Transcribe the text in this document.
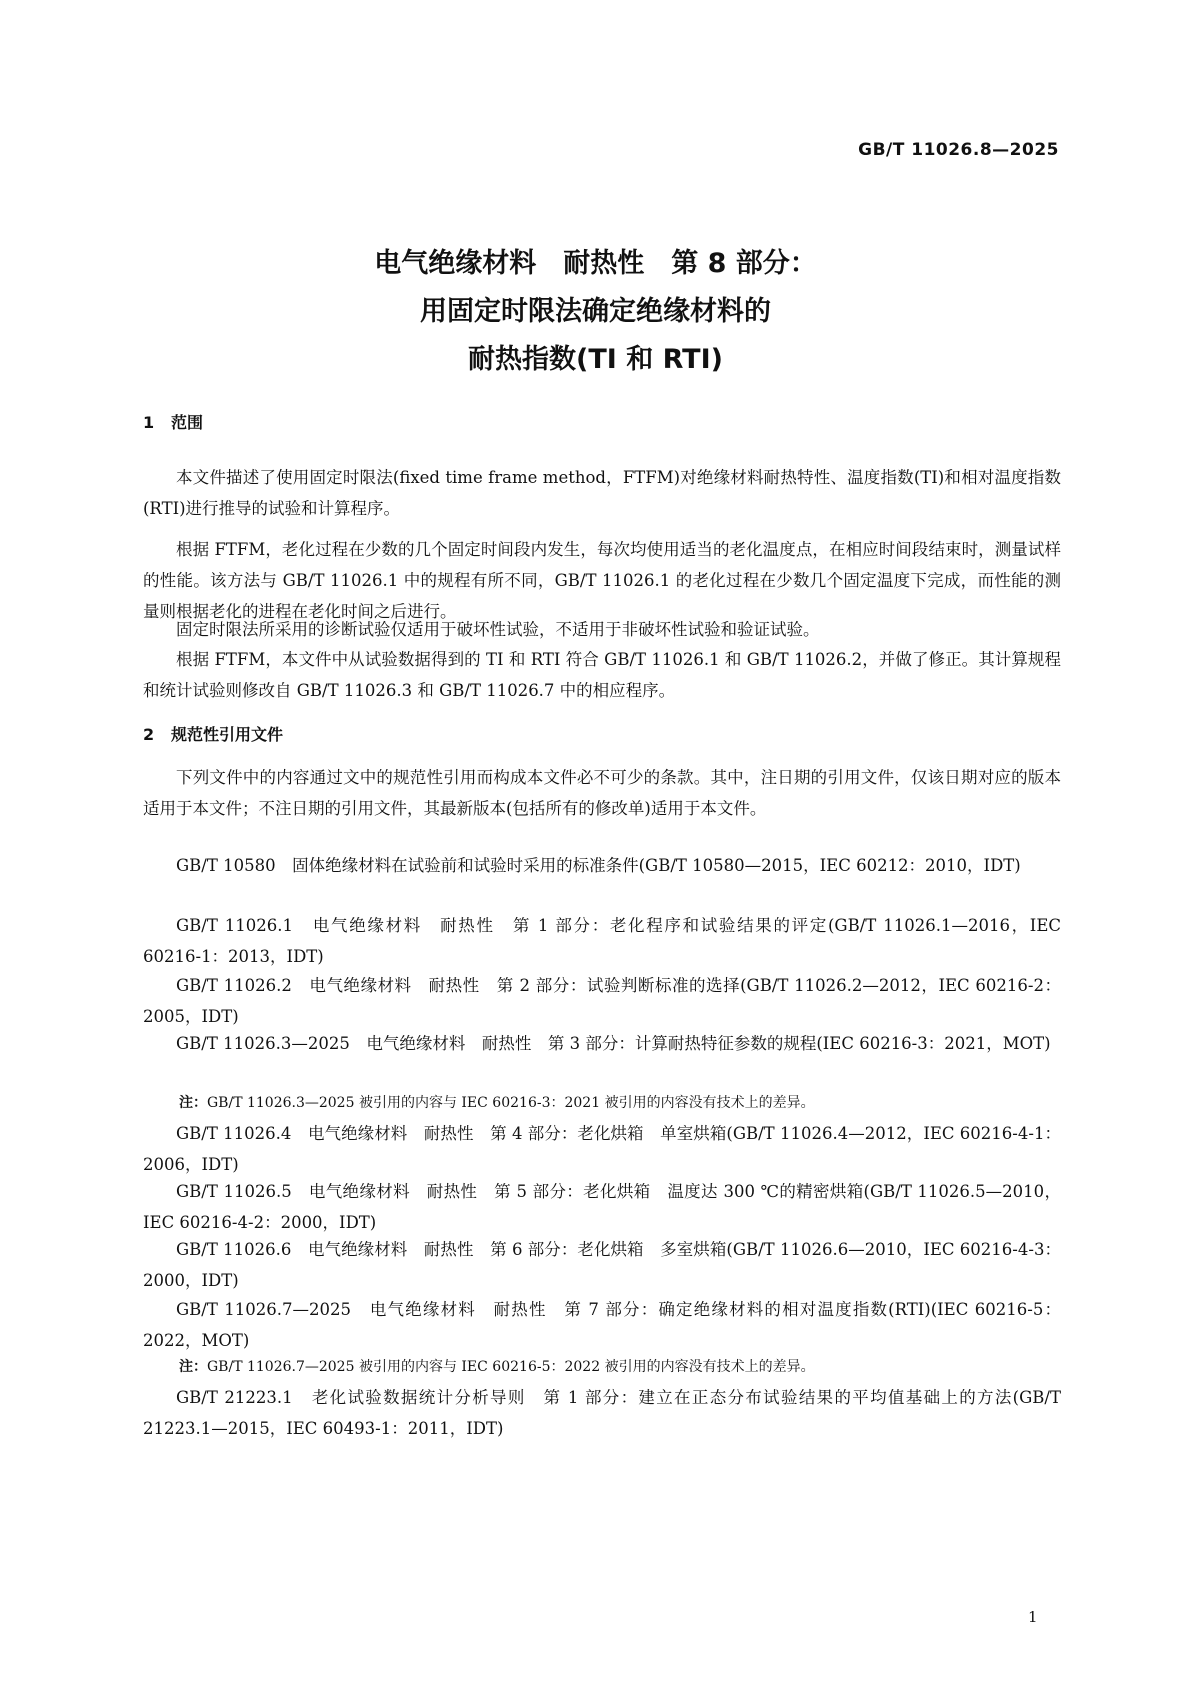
GB/T 11026.8—2025
电气绝缘材料　耐热性　第 8 部分：
用固定时限法确定绝缘材料的
耐热指数(TI 和 RTI)
1 范围
本文件描述了使用固定时限法(fixed time frame method，FTFM)对绝缘材料耐热特性、温度指数(TI)和相对温度指数(RTI)进行推导的试验和计算程序。
根据 FTFM，老化过程在少数的几个固定时间段内发生，每次均使用适当的老化温度点，在相应时间段结束时，测量试样的性能。该方法与 GB/T 11026.1 中的规程有所不同，GB/T 11026.1 的老化过程在少数几个固定温度下完成，而性能的测量则根据老化的进程在老化时间之后进行。
固定时限法所采用的诊断试验仅适用于破坏性试验，不适用于非破坏性试验和验证试验。
根据 FTFM，本文件中从试验数据得到的 TI 和 RTI 符合 GB/T 11026.1 和 GB/T 11026.2，并做了修正。其计算规程和统计试验则修改自 GB/T 11026.3 和 GB/T 11026.7 中的相应程序。
2 规范性引用文件
下列文件中的内容通过文中的规范性引用而构成本文件必不可少的条款。其中，注日期的引用文件，仅该日期对应的版本适用于本文件；不注日期的引用文件，其最新版本(包括所有的修改单)适用于本文件。
GB/T 10580　固体绝缘材料在试验前和试验时采用的标准条件(GB/T 10580—2015，IEC 60212：2010，IDT)
GB/T 11026.1　电气绝缘材料　耐热性　第 1 部分：老化程序和试验结果的评定(GB/T 11026.1—2016，IEC 60216-1：2013，IDT)
GB/T 11026.2　电气绝缘材料　耐热性　第 2 部分：试验判断标准的选择(GB/T 11026.2—2012，IEC 60216-2：2005，IDT)
GB/T 11026.3—2025　电气绝缘材料　耐热性　第 3 部分：计算耐热特征参数的规程(IEC 60216-3：2021，MOT)
注：GB/T 11026.3—2025 被引用的内容与 IEC 60216-3：2021 被引用的内容没有技术上的差异。
GB/T 11026.4　电气绝缘材料　耐热性　第 4 部分：老化烘箱　单室烘箱(GB/T 11026.4—2012，IEC 60216-4-1：2006，IDT)
GB/T 11026.5　电气绝缘材料　耐热性　第 5 部分：老化烘箱　温度达 300 ℃的精密烘箱(GB/T 11026.5—2010，IEC 60216-4-2：2000，IDT)
GB/T 11026.6　电气绝缘材料　耐热性　第 6 部分：老化烘箱　多室烘箱(GB/T 11026.6—2010，IEC 60216-4-3：2000，IDT)
GB/T 11026.7—2025　电气绝缘材料　耐热性　第 7 部分：确定绝缘材料的相对温度指数(RTI)(IEC 60216-5：2022，MOT)
注：GB/T 11026.7—2025 被引用的内容与 IEC 60216-5：2022 被引用的内容没有技术上的差异。
GB/T 21223.1　老化试验数据统计分析导则　第 1 部分：建立在正态分布试验结果的平均值基础上的方法(GB/T 21223.1—2015，IEC 60493-1：2011，IDT)
1
